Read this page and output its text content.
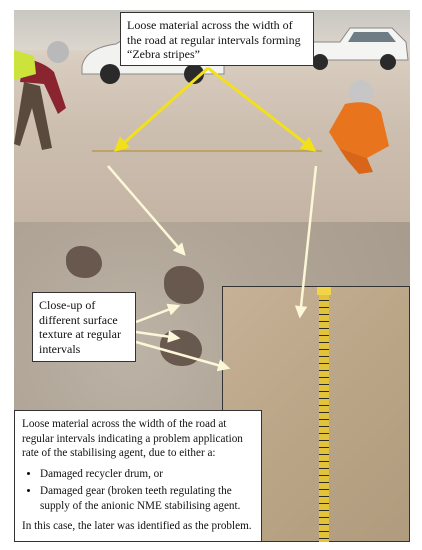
Loose material across the width of the road at regular intervals forming “Zebra stripes”
Close-up of different surface texture at regular intervals

Loose material across the width of the road at regular intervals indicating a problem application rate of the stabilising agent, due to either a:

• Damaged recycler drum, or
• Damaged gear (broken teeth regulating the supply of the anionic NME stabilising agent.

In this case, the later was identified as the problem.
